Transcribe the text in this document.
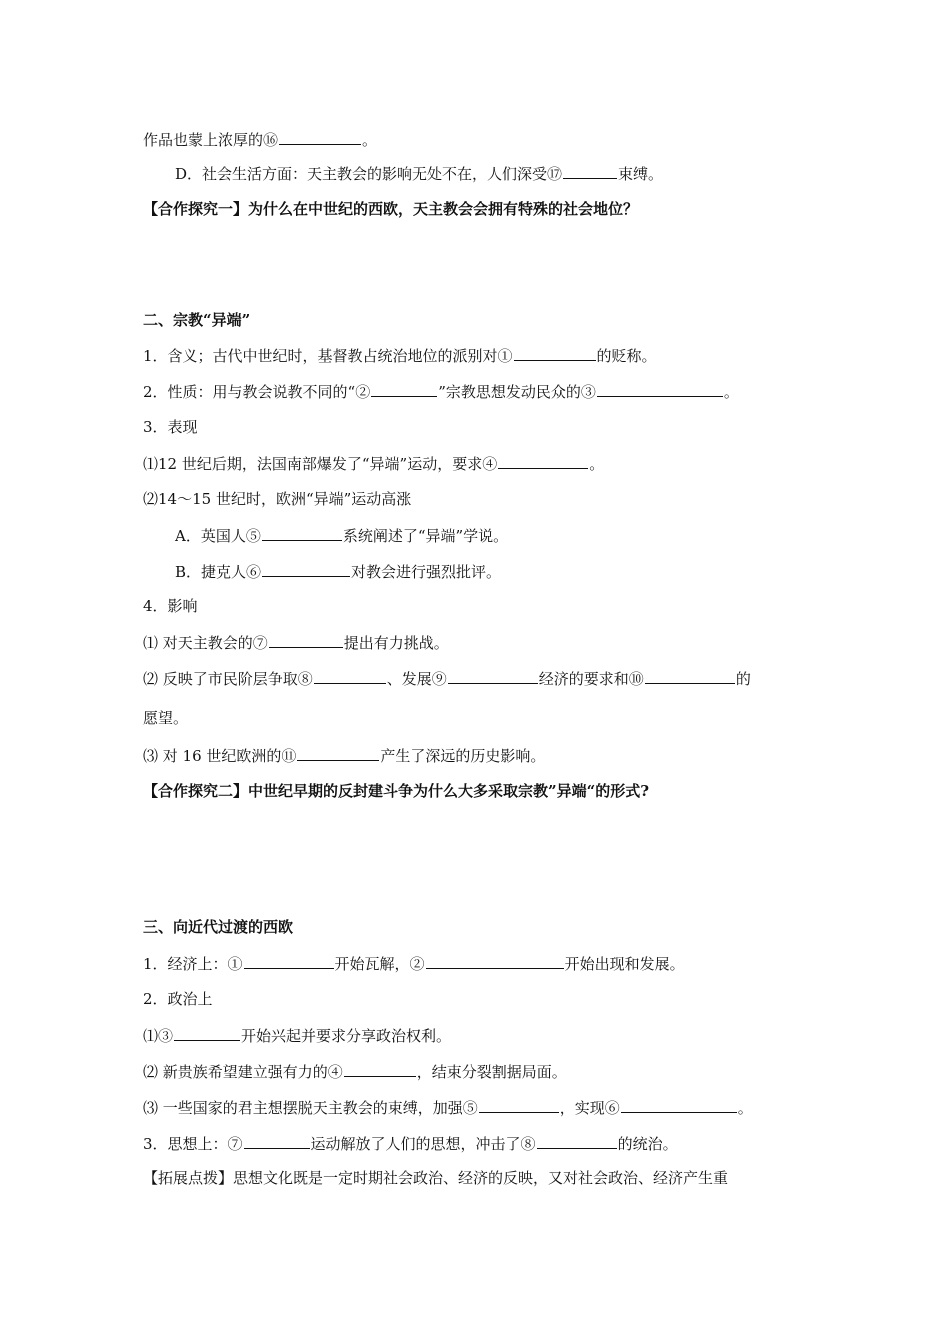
作品也蒙上浓厚的⑯	。
D．社会生活方面：天主教会的影响无处不在，人们深受⑰	束缚。
【合作探究一】为什么在中世纪的西欧，天主教会会拥有特殊的社会地位？
二、宗教“异端”
1．含义；古代中世纪时，基督教占统治地位的派别对①	的贬称。
2．性质：用与教会说教不同的“②	”宗教思想发动民众的③	。
3．表现
⑴12 世纪后期，法国南部爆发了“异端”运动，要求④	。
⑵14～15 世纪时，欧洲“异端”运动高涨
A．英国人⑤	系统阐述了“异端”学说。
B．捷克人⑥	对教会进行强烈批评。
4．影响
⑴ 对天主教会的⑦	提出有力挑战。
⑵ 反映了市民阶层争取⑧	、发展⑨	经济的要求和⑩	的
愿望。
⑶ 对 16 世纪欧洲的⑪	产生了深远的历史影响。
【合作探究二】中世纪早期的反封建斗争为什么大多采取宗教”异端“的形式?
三、向近代过渡的西欧
1．经济上：①	开始瓦解，②	开始出现和发展。
2．政治上
⑴③	开始兴起并要求分享政治权利。
⑵ 新贵族希望建立强有力的④	，结束分裂割据局面。
⑶ 一些国家的君主想摆脱天主教会的束缚，加强⑤	，实现⑥	。
3．思想上：⑦	运动解放了人们的思想，冲击了⑧	的统治。
【拓展点拨】思想文化既是一定时期社会政治、经济的反映，又对社会政治、经济产生重
